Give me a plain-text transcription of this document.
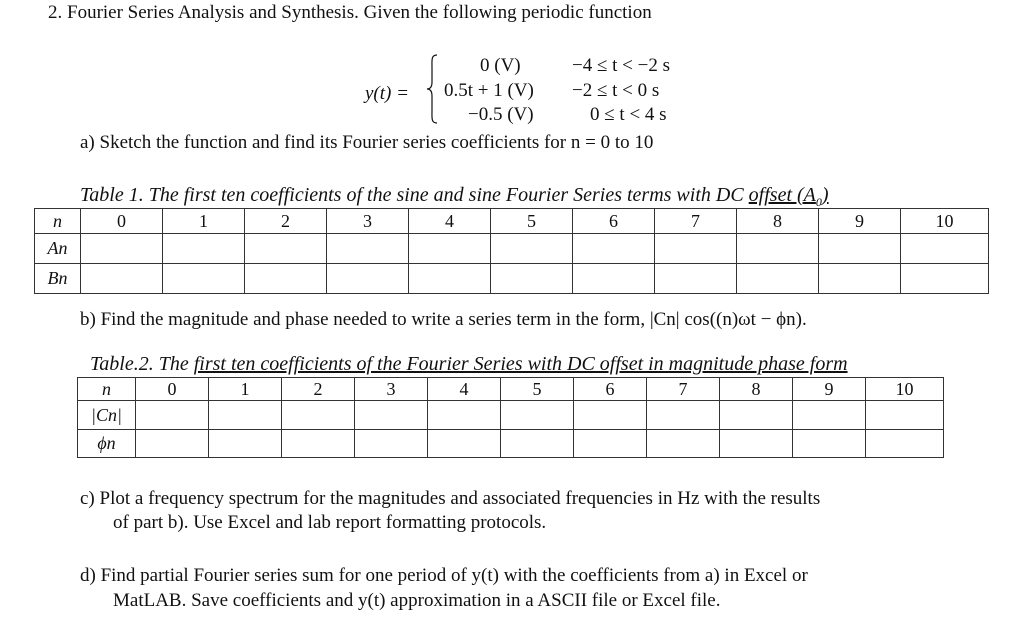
2. Fourier Series Analysis and Synthesis. Given the following periodic function
y(t) =
0 (V)	−4 ≤ t < −2 s
0.5t + 1 (V) −2 ≤ t < 0 s
−0.5 (V)	0 ≤ t < 4 s
a) Sketch the function and find its Fourier series coefficients for n = 0 to 10
Table 1. The first ten coefficients of the sine and sine Fourier Series terms with DC offset $(A_0)$
n	0	1	2	3	4	5	6	7	8	9	10
An											
Bn											
b) Find the magnitude and phase needed to write a series term in the form, |Cn| cos((n)ωt − ϕn).
Table.2. The first ten coefficients of the Fourier Series with DC offset in magnitude phase form
n	0	1	2	3	4	5	6	7	8	9	10
|Cn|											
ϕn											
c) Plot a frequency spectrum for the magnitudes and associated frequencies in Hz with the results
of part b). Use Excel and lab report formatting protocols.
d) Find partial Fourier series sum for one period of y(t) with the coefficients from a) in Excel or
MatLAB. Save coefficients and y(t) approximation in a ASCII file or Excel file.
